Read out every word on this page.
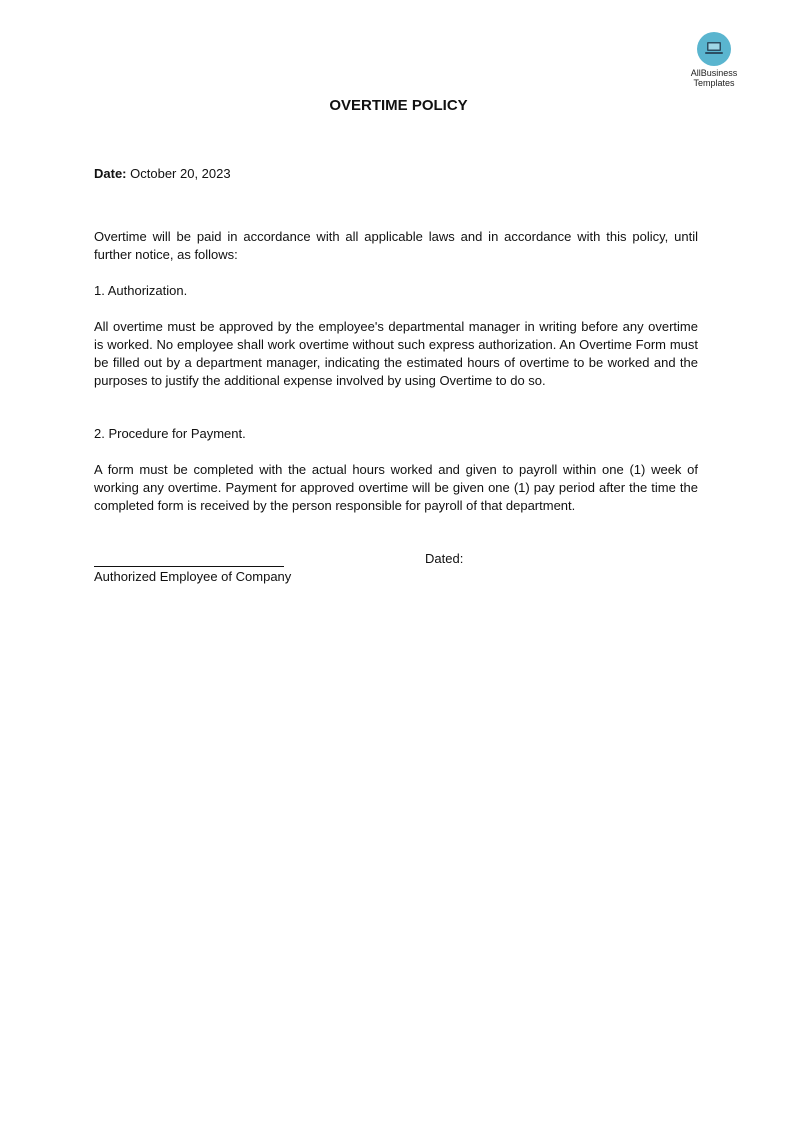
AllBusiness
Templates
OVERTIME POLICY
Date: October 20, 2023
Overtime will be paid in accordance with all applicable laws and in accordance with this policy, until further notice, as follows:
1. Authorization.
All overtime must be approved by the employee's departmental manager in writing before any overtime is worked. No employee shall work overtime without such express authorization. An Overtime Form must be filled out by a department manager, indicating the estimated hours of overtime to be worked and the purposes to justify the additional expense involved by using Overtime to do so.
2. Procedure for Payment.
A form must be completed with the actual hours worked and given to payroll within one (1) week of working any overtime. Payment for approved overtime will be given one (1) pay period after the time the completed form is received by the person responsible for payroll of that department.
Authorized Employee of Company
Dated:
